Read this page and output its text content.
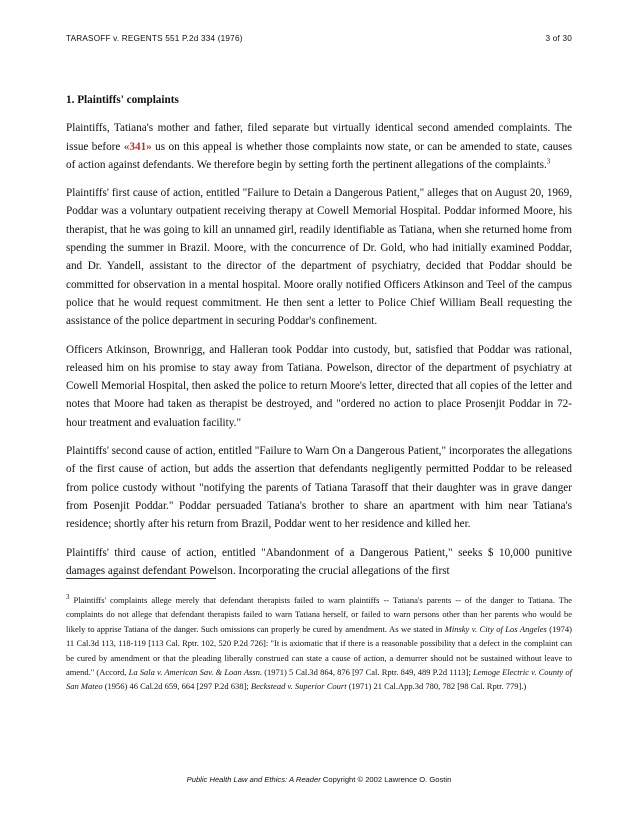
TARASOFF v. REGENTS 551 P.2d 334 (1976)	3 of 30
1. Plaintiffs' complaints

Plaintiffs, Tatiana's mother and father, filed separate but virtually identical second amended complaints. The issue before «341» us on this appeal is whether those complaints now state, or can be amended to state, causes of action against defendants. We therefore begin by setting forth the pertinent allegations of the complaints.$^3$

Plaintiffs' first cause of action, entitled "Failure to Detain a Dangerous Patient," alleges that on August 20, 1969, Poddar was a voluntary outpatient receiving therapy at Cowell Memorial Hospital. Poddar informed Moore, his therapist, that he was going to kill an unnamed girl, readily identifiable as Tatiana, when she returned home from spending the summer in Brazil. Moore, with the concurrence of Dr. Gold, who had initially examined Poddar, and Dr. Yandell, assistant to the director of the department of psychiatry, decided that Poddar should be committed for observation in a mental hospital. Moore orally notified Officers Atkinson and Teel of the campus police that he would request commitment. He then sent a letter to Police Chief William Beall requesting the assistance of the police department in securing Poddar's confinement.

Officers Atkinson, Brownrigg, and Halleran took Poddar into custody, but, satisfied that Poddar was rational, released him on his promise to stay away from Tatiana. Powelson, director of the department of psychiatry at Cowell Memorial Hospital, then asked the police to return Moore's letter, directed that all copies of the letter and notes that Moore had taken as therapist be destroyed, and "ordered no action to place Prosenjit Poddar in 72-hour treatment and evaluation facility."

Plaintiffs' second cause of action, entitled "Failure to Warn On a Dangerous Patient," incorporates the allegations of the first cause of action, but adds the assertion that defendants negligently permitted Poddar to be released from police custody without "notifying the parents of Tatiana Tarasoff that their daughter was in grave danger from Posenjit Poddar." Poddar persuaded Tatiana's brother to share an apartment with him near Tatiana's residence; shortly after his return from Brazil, Poddar went to her residence and killed her.

Plaintiffs' third cause of action, entitled "Abandonment of a Dangerous Patient," seeks $ 10,000 punitive damages against defendant Powelson. Incorporating the crucial allegations of the first

$^3$ Plaintiffs' complaints allege merely that defendant therapists failed to warn plaintiffs -- Tatiana's parents -- of the danger to Tatiana. The complaints do not allege that defendant therapists failed to warn Tatiana herself, or failed to warn persons other than her parents who would be likely to apprise Tatiana of the danger. Such omissions can properly be cured by amendment. As we stated in Minsky v. City of Los Angeles (1974) 11 Cal.3d 113, 118-119 [113 Cal. Rptr. 102, 520 P.2d 726]: "It is axiomatic that if there is a reasonable possibility that a defect in the complaint can be cured by amendment or that the pleading liberally construed can state a cause of action, a demurrer should not be sustained without leave to amend." (Accord, La Sala v. American Sav. & Loan Assn. (1971) 5 Cal.3d 864, 876 [97 Cal. Rptr. 849, 489 P.2d 1113]; Lemoge Electric v. County of San Mateo (1956) 46 Cal.2d 659, 664 [297 P.2d 638]; Beckstead v. Superior Court (1971) 21 Cal.App.3d 780, 782 [98 Cal. Rptr. 779].)
Public Health Law and Ethics: A Reader Copyright © 2002 Lawrence O. Gostin
